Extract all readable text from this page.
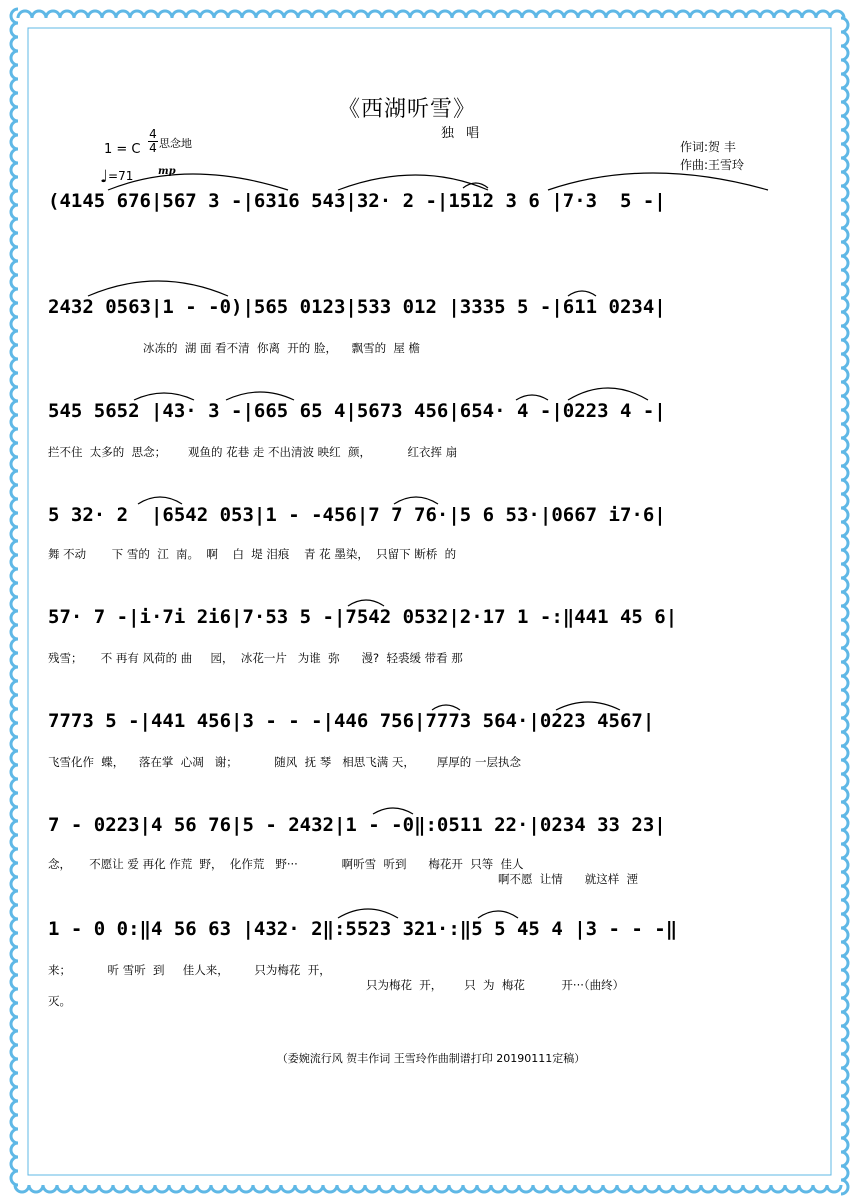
《西湖听雪》
独 唱
作词:贺 丰
作曲:王雪玲
1 = C
4
4 思念地
♩=71 mp
(4145 676|567 3 -|6316 543|32· 2 -|1512 3 6 |7·3  5 -|
2432 0563|1 - -0)|565 0123|533 012 |3335 5 -|611 0234|
冰冻的  湖 面 看不清  你离  开的 脸，    飘雪的  屋 檐
545 5652 |43· 3 -|665 65 4|5673 456|654· 4 -|0223 4 -|
拦不住  太多的  思念；      观鱼的 花巷 走 不出清波 映红  颜，          红衣挥 扇
5 32· 2  |6542 053|1 - -456|7 7 76·|5 6 53·|0667 i7·6|
舞 不动       下 雪的  江  南。  啊    白  堤 泪痕    青 花 墨染，  只留下 断桥  的
57· 7 -|i·7i 2i6|7·53 5 -|7542 0532|2·17 1 -:‖441 45 6|
残雪；     不 再有 风荷的 曲     园，  冰花一片   为谁  弥      漫?  轻裘缓 带看 那
7773 5 -|441 456|3 - - -|446 756|7773 564·|0223 4567|
飞雪化作  蝶，    落在掌  心凋   谢；          随风  抚 琴   相思飞满 天，      厚厚的 一层执念
7 - 0223|4 56 76|5 - 2432|1 - -0‖:0511 22·|0234 33 23|
念，     不愿让 爱 再化 作荒  野，  化作荒   野···            啊听雪  听到      梅花开  只等  佳人
啊不愿  让情      就这样  湮
1 - 0 0:‖4 56 63 |432· 2‖:5523 321·:‖5 5 45 4 |3 - - -‖
来；          听 雪听  到     佳人来，       只为梅花  开，
只为梅花  开，      只  为  梅花          开···（曲终）
灭。
（委婉流行风 贺丰作词 王雪玲作曲制谱打印 20190111定稿）
